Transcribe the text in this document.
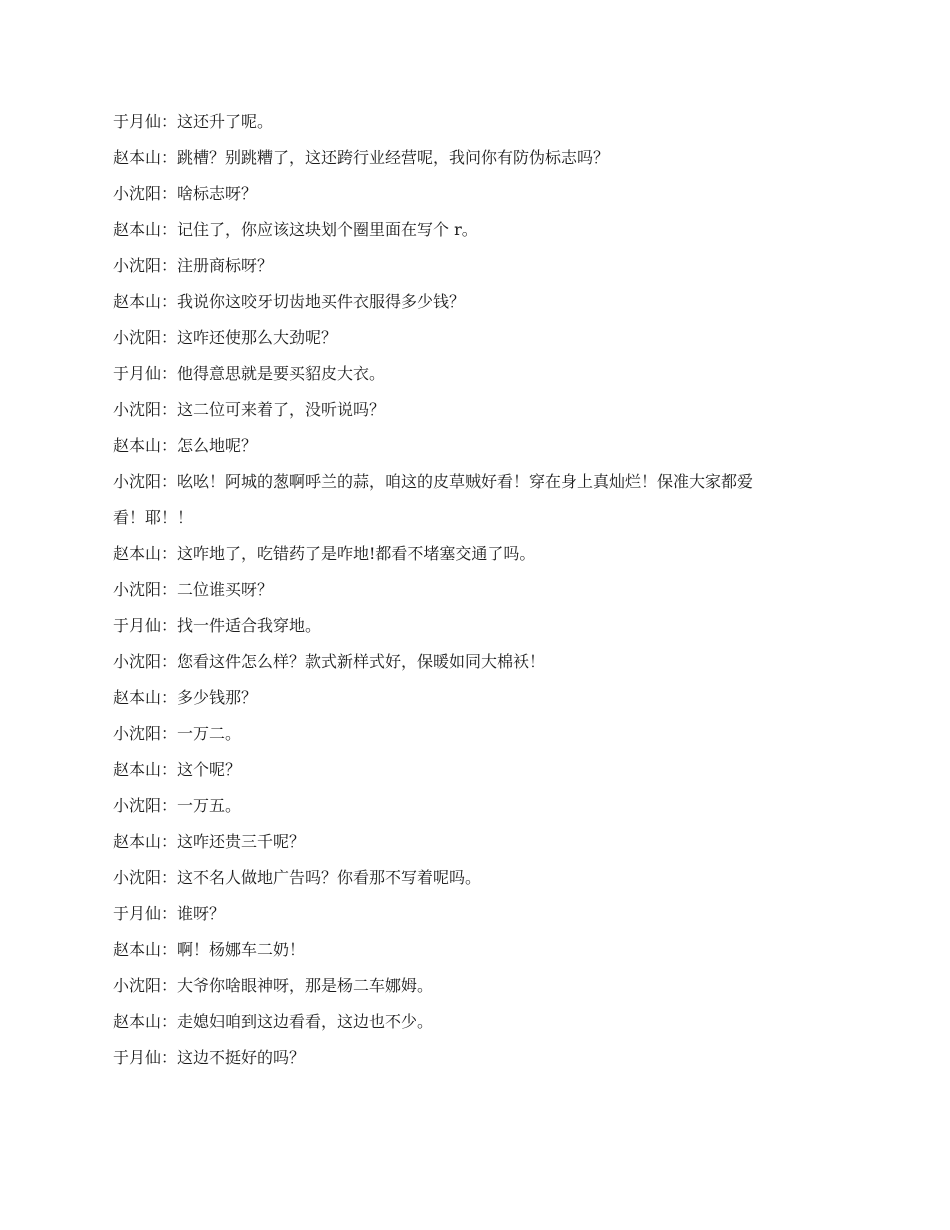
于月仙：这还升了呢。

赵本山：跳槽？别跳糟了，这还跨行业经营呢，我问你有防伪标志吗？

小沈阳：啥标志呀？

赵本山：记住了，你应该这块划个圈里面在写个 r。

小沈阳：注册商标呀？

赵本山：我说你这咬牙切齿地买件衣服得多少钱？

小沈阳：这咋还使那么大劲呢？

于月仙：他得意思就是要买貂皮大衣。

小沈阳：这二位可来着了，没听说吗？

赵本山：怎么地呢？

小沈阳：吆吆！阿城的葱啊呼兰的蒜，咱这的皮草贼好看！穿在身上真灿烂！保准大家都爱

看！耶！！

赵本山：这咋地了，吃错药了是咋地!都看不堵塞交通了吗。

小沈阳：二位谁买呀？

于月仙：找一件适合我穿地。

小沈阳：您看这件怎么样？款式新样式好，保暖如同大棉袄！

赵本山：多少钱那？

小沈阳：一万二。

赵本山：这个呢？

小沈阳：一万五。

赵本山：这咋还贵三千呢？

小沈阳：这不名人做地广告吗？你看那不写着呢吗。

于月仙：谁呀？

赵本山：啊！杨娜车二奶！

小沈阳：大爷你啥眼神呀，那是杨二车娜姆。

赵本山：走媳妇咱到这边看看，这边也不少。

于月仙：这边不挺好的吗？
